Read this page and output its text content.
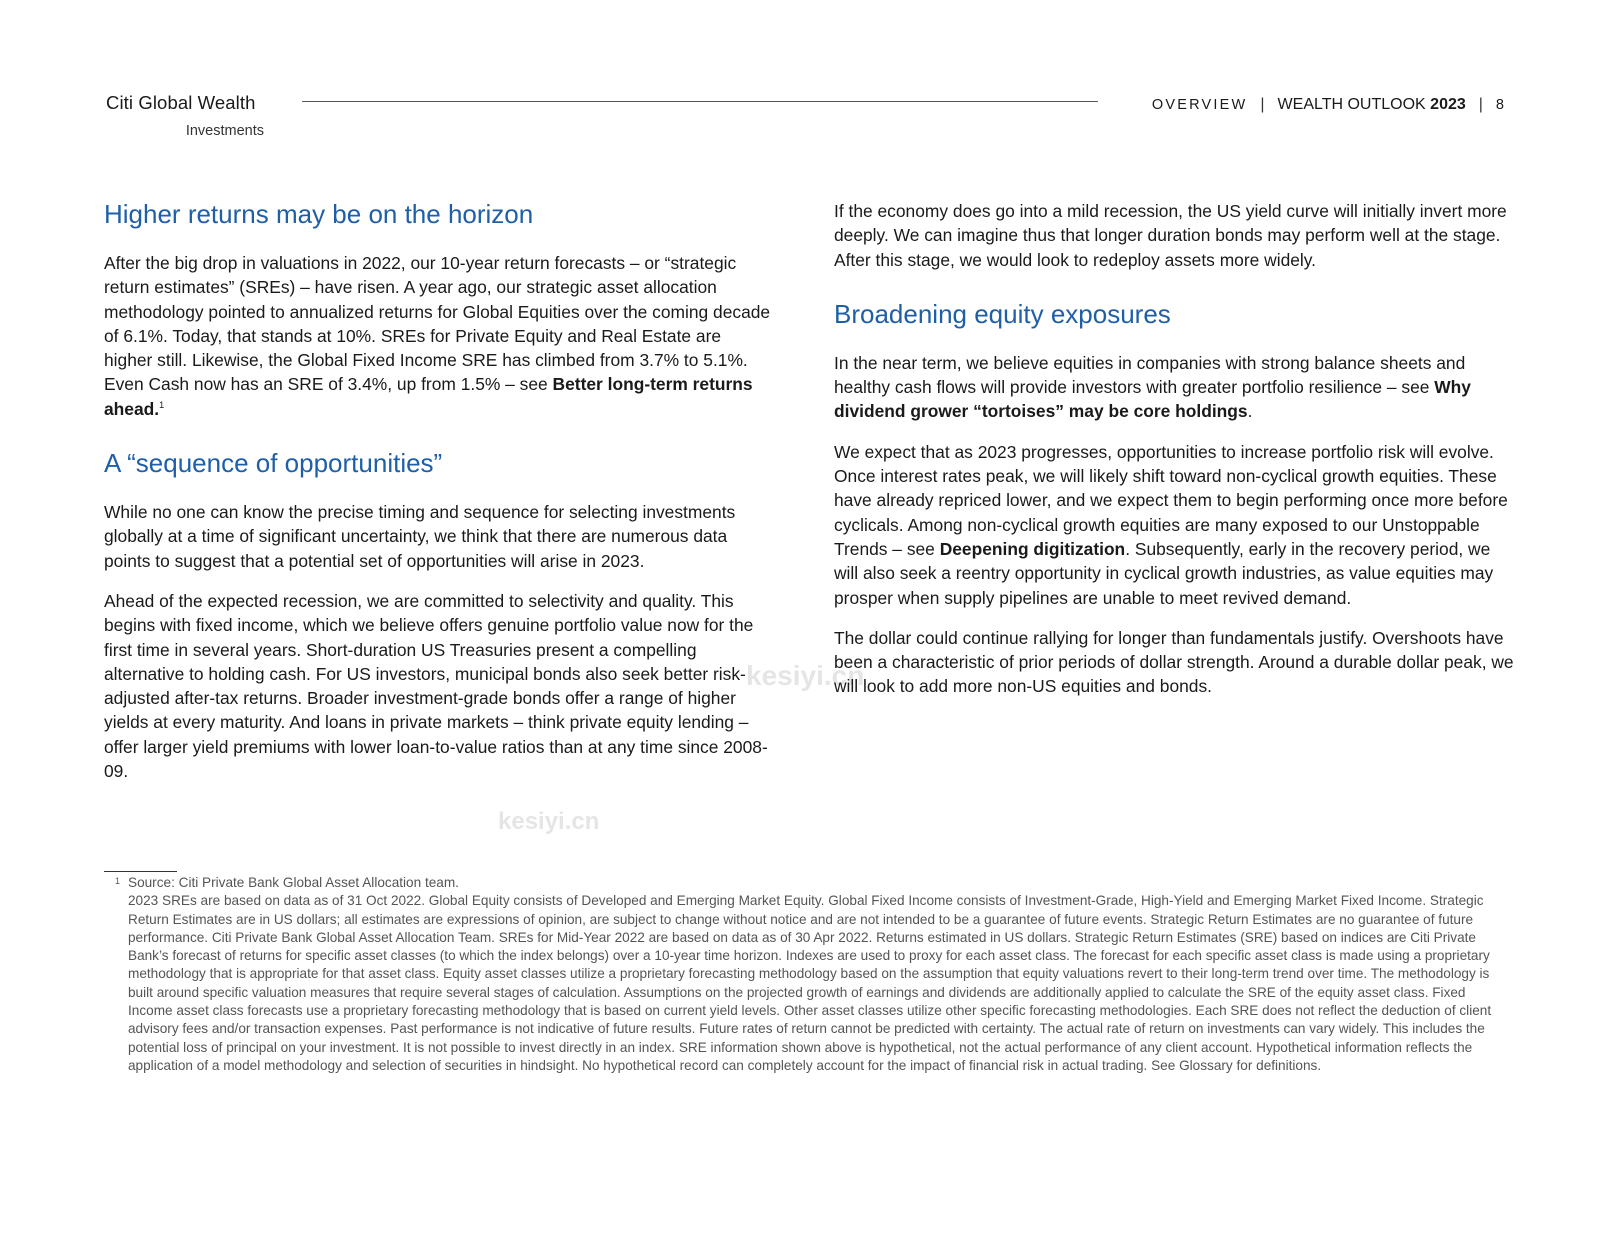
Citi Global Wealth
Investments
OVERVIEW | WEALTH OUTLOOK 2023 | 8
kesiyi.cn
kesiyi.cn
Higher returns may be on the horizon

After the big drop in valuations in 2022, our 10-year return forecasts – or “strategic return estimates” (SREs) – have risen. A year ago, our strategic asset allocation methodology pointed to annualized returns for Global Equities over the coming decade of 6.1%. Today, that stands at 10%. SREs for Private Equity and Real Estate are higher still. Likewise, the Global Fixed Income SRE has climbed from 3.7% to 5.1%. Even Cash now has an SRE of 3.4%, up from 1.5% – see Better long-term returns ahead.$^1$

A “sequence of opportunities”

While no one can know the precise timing and sequence for selecting investments globally at a time of significant uncertainty, we think that there are numerous data points to suggest that a potential set of opportunities will arise in 2023.

Ahead of the expected recession, we are committed to selectivity and quality. This begins with fixed income, which we believe offers genuine portfolio value now for the first time in several years. Short-duration US Treasuries present a compelling alternative to holding cash. For US investors, municipal bonds also seek better risk-adjusted after-tax returns. Broader investment-grade bonds offer a range of higher yields at every maturity. And loans in private markets – think private equity lending – offer larger yield premiums with lower loan-to-value ratios than at any time since 2008-09.

If the economy does go into a mild recession, the US yield curve will initially invert more deeply. We can imagine thus that longer duration bonds may perform well at the stage. After this stage, we would look to redeploy assets more widely.

Broadening equity exposures

In the near term, we believe equities in companies with strong balance sheets and healthy cash flows will provide investors with greater portfolio resilience – see Why dividend grower “tortoises” may be core holdings.

We expect that as 2023 progresses, opportunities to increase portfolio risk will evolve. Once interest rates peak, we will likely shift toward non-cyclical growth equities. These have already repriced lower, and we expect them to begin performing once more before cyclicals. Among non-cyclical growth equities are many exposed to our Unstoppable Trends – see Deepening digitization. Subsequently, early in the recovery period, we will also seek a reentry opportunity in cyclical growth industries, as value equities may prosper when supply pipelines are unable to meet revived demand.

The dollar could continue rallying for longer than fundamentals justify. Overshoots have been a characteristic of prior periods of dollar strength. Around a durable dollar peak, we will look to add more non-US equities and bonds.

1 Source: Citi Private Bank Global Asset Allocation team.
2023 SREs are based on data as of 31 Oct 2022. Global Equity consists of Developed and Emerging Market Equity. Global Fixed Income consists of Investment-Grade, High-Yield and Emerging Market Fixed Income. Strategic Return Estimates are in US dollars; all estimates are expressions of opinion, are subject to change without notice and are not intended to be a guarantee of future events. Strategic Return Estimates are no guarantee of future performance. Citi Private Bank Global Asset Allocation Team. SREs for Mid-Year 2022 are based on data as of 30 Apr 2022. Returns estimated in US dollars. Strategic Return Estimates (SRE) based on indices are Citi Private Bank’s forecast of returns for specific asset classes (to which the index belongs) over a 10-year time horizon. Indexes are used to proxy for each asset class. The forecast for each specific asset class is made using a proprietary methodology that is appropriate for that asset class. Equity asset classes utilize a proprietary forecasting methodology based on the assumption that equity valuations revert to their long-term trend over time. The methodology is built around specific valuation measures that require several stages of calculation. Assumptions on the projected growth of earnings and dividends are additionally applied to calculate the SRE of the equity asset class. Fixed Income asset class forecasts use a proprietary forecasting methodology that is based on current yield levels. Other asset classes utilize other specific forecasting methodologies. Each SRE does not reflect the deduction of client advisory fees and/or transaction expenses. Past performance is not indicative of future results. Future rates of return cannot be predicted with certainty. The actual rate of return on investments can vary widely. This includes the potential loss of principal on your investment. It is not possible to invest directly in an index. SRE information shown above is hypothetical, not the actual performance of any client account. Hypothetical information reflects the application of a model methodology and selection of securities in hindsight. No hypothetical record can completely account for the impact of financial risk in actual trading. See Glossary for definitions.
